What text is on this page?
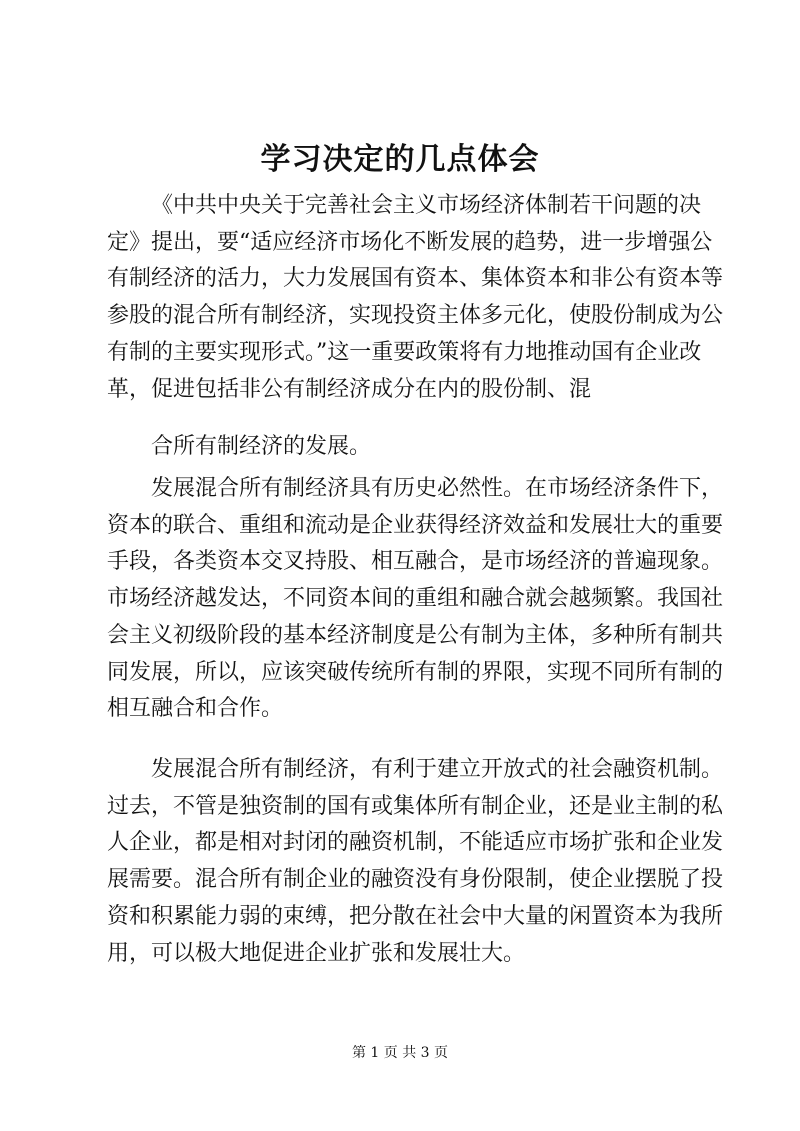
学习决定的几点体会

《中共中央关于完善社会主义市场经济体制若干问题的决

定》提出，要“适应经济市场化不断发展的趋势，进一步增强公
有制经济的活力，大力发展国有资本、集体资本和非公有资本等
参股的混合所有制经济，实现投资主体多元化，使股份制成为公
有制的主要实现形式。”这一重要政策将有力地推动国有企业改
革，促进包括非公有制经济成分在内的股份制、混

合所有制经济的发展。

发展混合所有制经济具有历史必然性。在市场经济条件下，

资本的联合、重组和流动是企业获得经济效益和发展壮大的重要
手段，各类资本交叉持股、相互融合，是市场经济的普遍现象。
市场经济越发达，不同资本间的重组和融合就会越频繁。我国社
会主义初级阶段的基本经济制度是公有制为主体，多种所有制共
同发展，所以，应该突破传统所有制的界限，实现不同所有制的
相互融合和合作。

发展混合所有制经济，有利于建立开放式的社会融资机制。

过去，不管是独资制的国有或集体所有制企业，还是业主制的私
人企业，都是相对封闭的融资机制，不能适应市场扩张和企业发
展需要。混合所有制企业的融资没有身份限制，使企业摆脱了投
资和积累能力弱的束缚，把分散在社会中大量的闲置资本为我所
用，可以极大地促进企业扩张和发展壮大。

第 1 页 共 3 页
